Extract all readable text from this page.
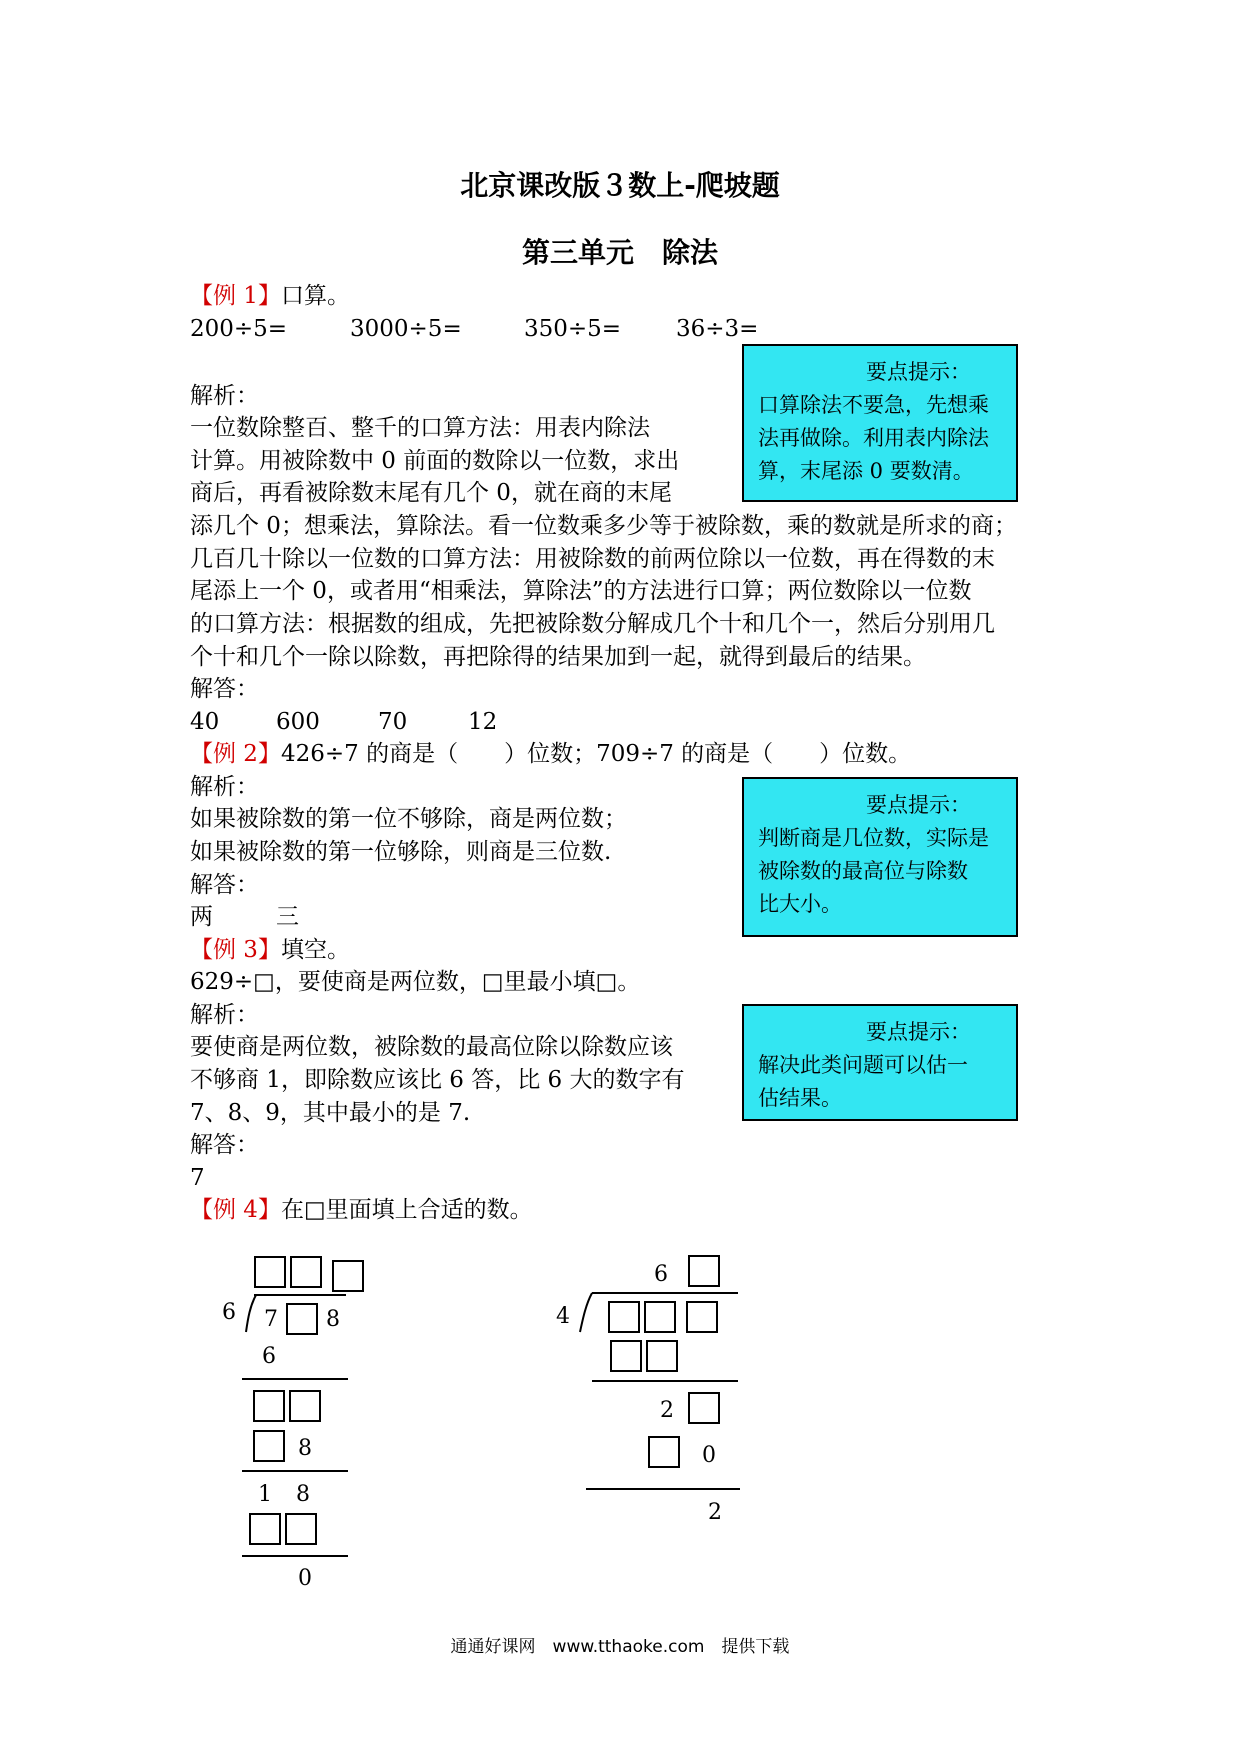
北京课改版３数上-爬坡题
第三单元　除法
【例 1】口算。
200÷5=	3000÷5=	350÷5= 36÷3=
要点提示：
口算除法不要急，先想乘
法再做除。利用表内除法
算，末尾添 0 要数清。
解析：
一位数除整百、整千的口算方法：用表内除法
计算。用被除数中 0 前面的数除以一位数，求出
商后，再看被除数末尾有几个 0，就在商的末尾
添几个 0；想乘法，算除法。看一位数乘多少等于被除数，乘的数就是所求的商；
几百几十除以一位数的口算方法：用被除数的前两位除以一位数，再在得数的末
尾添上一个 0，或者用“相乘法，算除法”的方法进行口算；两位数除以一位数
的口算方法：根据数的组成，先把被除数分解成几个十和几个一，然后分别用几
个十和几个一除以除数，再把除得的结果加到一起，就得到最后的结果。
解答：
40 600	70	12
【例 2】426÷7 的商是（　　）位数；709÷7 的商是（　　）位数。
解析：
如果被除数的第一位不够除，商是两位数；
如果被除数的第一位够除，则商是三位数.
解答：
两	三
要点提示：
判断商是几位数，实际是
被除数的最高位与除数
比大小。
【例 3】填空。
629÷□，要使商是两位数，□里最小填□。
解析：
要使商是两位数，被除数的最高位除以除数应该
不够商 1，即除数应该比 6 答，比 6 大的数字有
7、8、9，其中最小的是 7.
解答：
7
要点提示：
解决此类问题可以估一
估结果。
【例 4】在□里面填上合适的数。
6 7 8
6
8
1 8
0
6
4
2
0
2
通通好课网　www.tthaoke.com　提供下载
